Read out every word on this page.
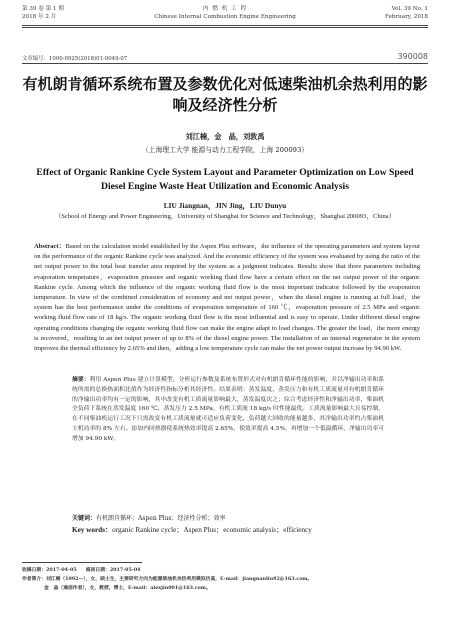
第 39 卷 第 1 期
2018 年 2 月
内 燃 机 工 程
Chinese Internal Combustion Engine Engineering
Vol. 39 No. 1
February, 2018
文章编号：1000-0925(2018)01-0049-07	390008
有机朗肯循环系统布置及参数优化对低速柴油机余热利用的影响及经济性分析
刘江楠，金　晶，刘敦禹
（上海理工大学 能源与动力工程学院，上海 200093）
Effect of Organic Rankine Cycle System Layout and Parameter Optimization on Low Speed Diesel Engine Waste Heat Utilization and Economic Analysis
LIU Jiangnan，JIN Jing，LIU Dunyu
（School of Energy and Power Engineering，University of Shanghai for Science and Technology，Shanghai 200093，China）
Abstract：Based on the calculation model established by the Aspen Plus software，the influence of the operating parameters and system layout on the performance of the organic Rankine cycle was analyzed. And the economic efficiency of the system was evaluated by using the ratio of the net output power to the total heat transfer area required by the system as a judgment indicates. Results show that three parameters including evaporation temperature，evaporation pressure and organic working fluid flow have a certain effect on the net output power of the organic Rankine cycle. Among which the influence of the organic working fluid flow is the most important indicator followed by the evaporation temperature. In view of the combined consideration of economy and net output power，when the diesel engine is running at full load，the system has the best performance under the conditions of evaporation temperature of 160 ℃，evaporation pressure of 2.5 MPa and organic working fluid flow rate of 18 kg/s. The organic working fluid flow is the most influential and is easy to operate. Under different diesel engine operating conditions changing the organic working fluid flow can make the engine adapt to load changes. The greater the load，the more energy is recovered，resulting in an net output power of up to 8% of the diesel engine power. The installation of an internal regenerator in the system improves the thermal efficiency by 2.65% and then，adding a low temperature cycle can make the net power output increase by 94.90 kW.
摘要：利用 Aspen Plus 建立计算模型，分析运行参数及系统布置形式对有机朗肯循环性能的影响，并以净输出功率和系统所需的总换热面积比值作为经济性指标分析其经济性。结果表明：蒸发温度、蒸发压力和有机工质流量对有机朗肯循环的净输出功率均有一定的影响，其中改变有机工质流量影响最大，蒸发温度次之；综合考虑经济性和净输出功率，柴油机全负荷下系统在蒸发温度 160 ℃、蒸发压力 2.5 MPa、有机工质流 18 kg/s 时性能最优。工质流量影响最大且易控制，在不同柴油机运行工况下只需改变有机工质流量就可适应负荷变化，负荷越大回收的能量越多，其净输出功率约占柴油机主机功率的 8% 左右。添加内回热器使系统热效率提高 2.65%，使效率提高 4.5%，再增加一个低温循环，净输出功率可增加 94.90 kW。
关键词：有机朗肯循环；Aspen Plus；经济性分析；效率
Key words：organic Rankine cycle；Aspen Plus；economic analysis；efficiency
收稿日期：2017-04-05 修回日期：2017-05-04
作者简介：刘江楠（1992—），女，硕士生，主要研究方向为能源柴油机余热利用模拟仿真，E-mail：jiangnanliu92@163.com。
金　晶（通信作者），女，教授，博士，E-mail：alexjin001@163.com。
